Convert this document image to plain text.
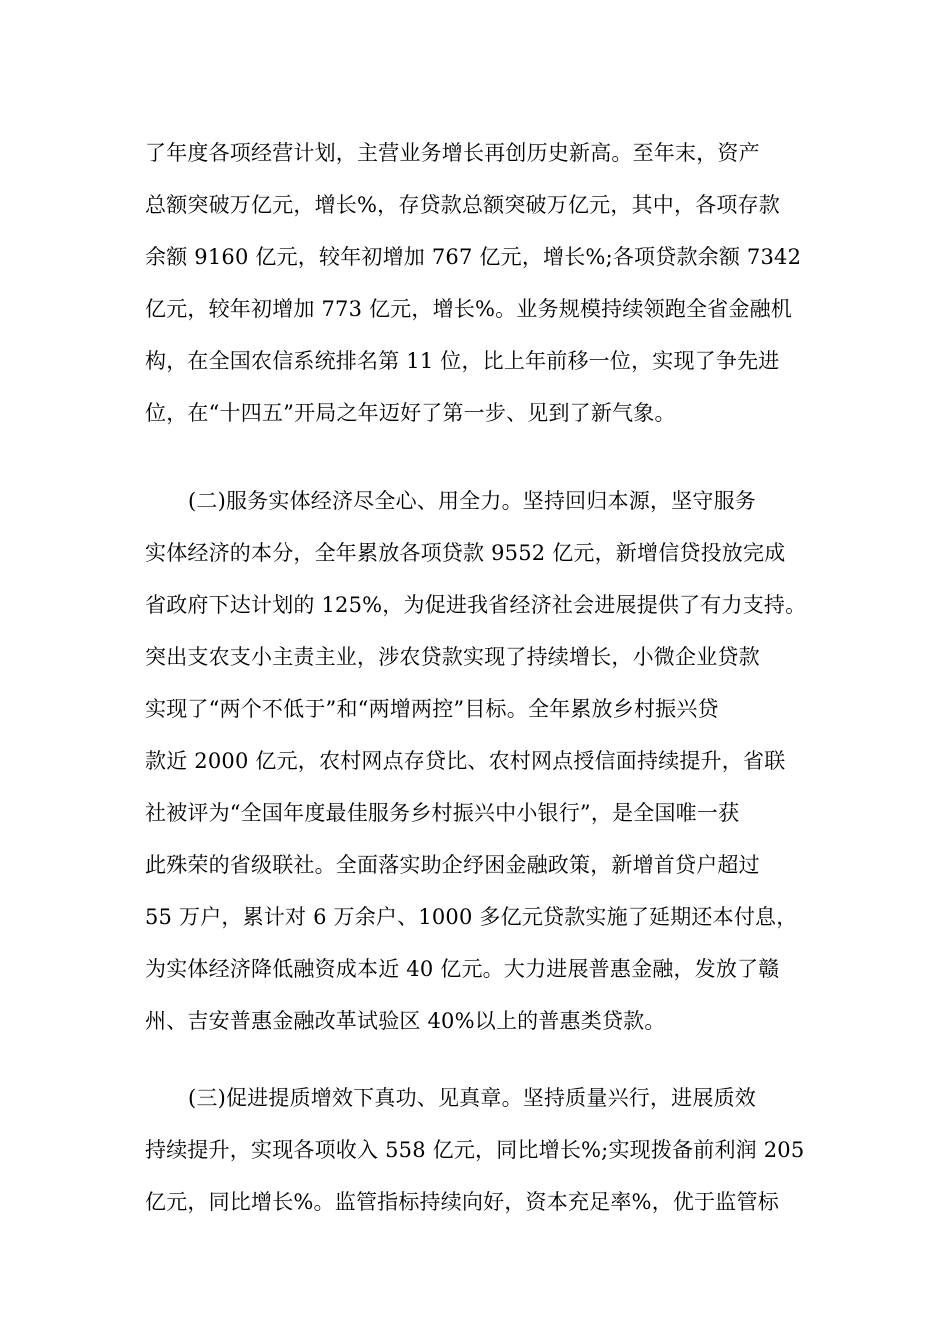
了年度各项经营计划，主营业务增长再创历史新高。至年末，资产
总额突破万亿元，增长%，存贷款总额突破万亿元，其中，各项存款
余额 9160 亿元，较年初增加 767 亿元，增长%;各项贷款余额 7342
亿元，较年初增加 773 亿元，增长%。业务规模持续领跑全省金融机
构，在全国农信系统排名第 11 位，比上年前移一位，实现了争先进
位，在“十四五”开局之年迈好了第一步、见到了新气象。
(二)服务实体经济尽全心、用全力。坚持回归本源，坚守服务
实体经济的本分，全年累放各项贷款 9552 亿元，新增信贷投放完成
省政府下达计划的 125%，为促进我省经济社会进展提供了有力支持。
突出支农支小主责主业，涉农贷款实现了持续增长，小微企业贷款
实现了“两个不低于”和“两增两控”目标。全年累放乡村振兴贷
款近 2000 亿元，农村网点存贷比、农村网点授信面持续提升，省联
社被评为“全国年度最佳服务乡村振兴中小银行”，是全国唯一获
此殊荣的省级联社。全面落实助企纾困金融政策，新增首贷户超过
55 万户，累计对 6 万余户、1000 多亿元贷款实施了延期还本付息，
为实体经济降低融资成本近 40 亿元。大力进展普惠金融，发放了赣
州、吉安普惠金融改革试验区 40%以上的普惠类贷款。
(三)促进提质增效下真功、见真章。坚持质量兴行，进展质效
持续提升，实现各项收入 558 亿元，同比增长%;实现拨备前利润 205
亿元，同比增长%。监管指标持续向好，资本充足率%，优于监管标
